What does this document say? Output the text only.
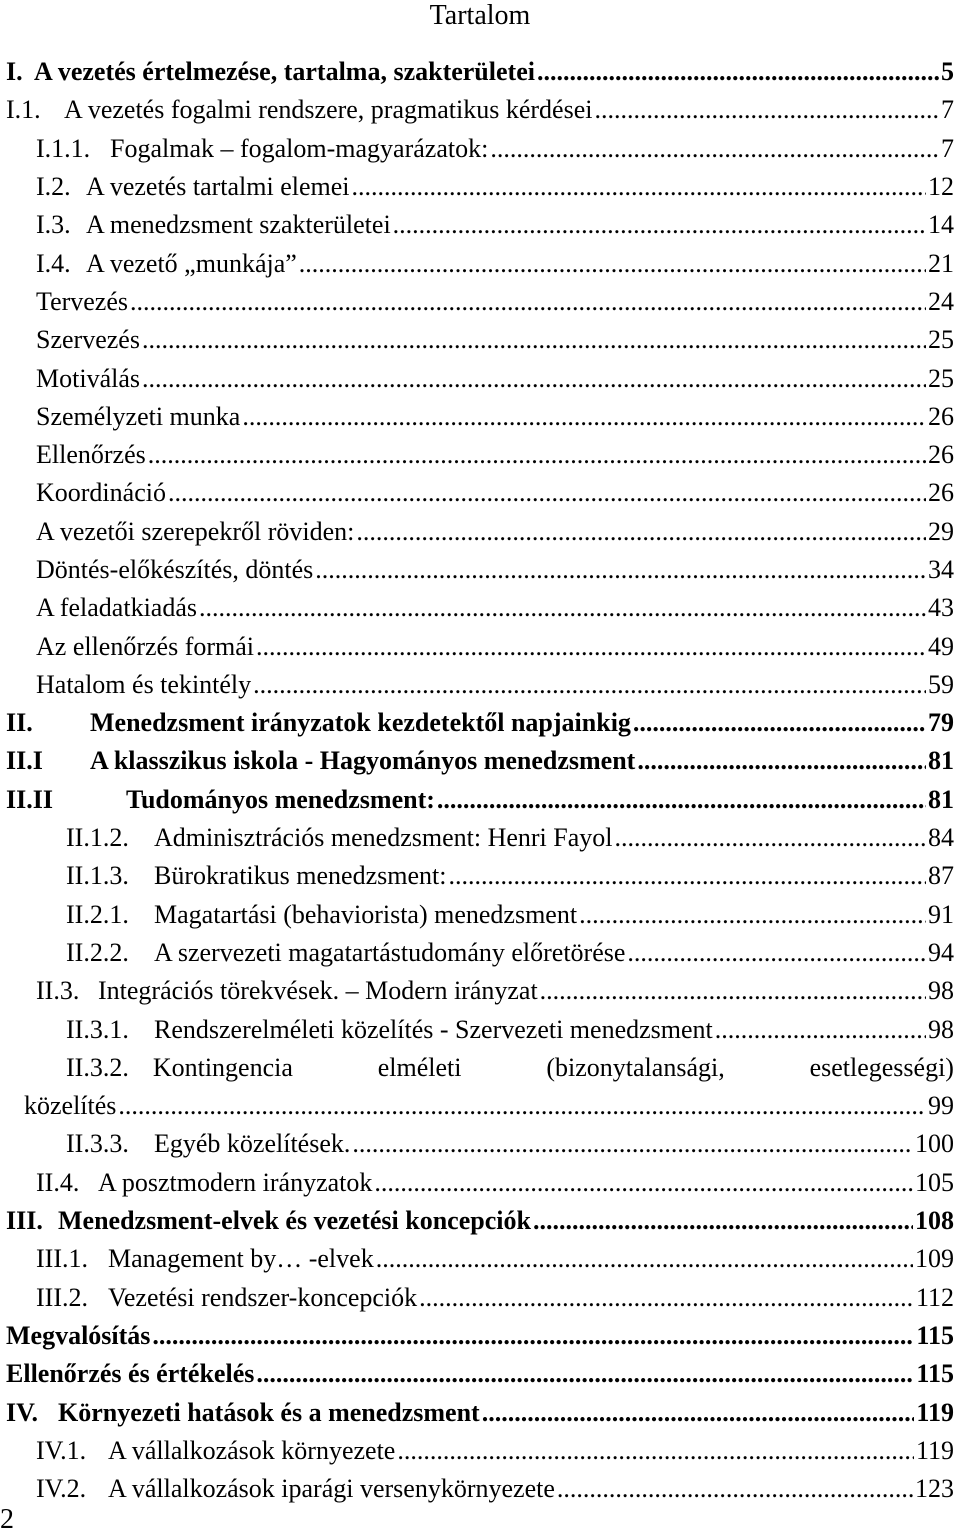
Tartalom
I. A vezetés értelmezése, tartalma, szakterületei .....	5
I.1. A vezetés fogalmi rendszere, pragmatikus kérdései .....	7
I.1.1. Fogalmak – fogalom-magyarázatok: .....	7
I.2. A vezetés tartalmi elemei .....	12
I.3. A menedzsment szakterületei .....	14
I.4. A vezető „munkája” .....	21
Tervezés .....	24
Szervezés .....	25
Motiválás .....	25
Személyzeti munka .....	26
Ellenőrzés .....	26
Koordináció .....	26
A vezetői szerepekről röviden: .....	29
Döntés-előkészítés, döntés .....	34
A feladatkiadás .....	43
Az ellenőrzés formái .....	49
Hatalom és tekintély .....	59
II. Menedzsment irányzatok kezdetektől napjainkig .....	79
II.I A klasszikus iskola - Hagyományos menedzsment .....	81
II.II	Tudományos menedzsment: .....	81
II.1.2. Adminisztrációs menedzsment: Henri Fayol .....	84
II.1.3. Bürokratikus menedzsment: .....	87
II.2.1. Magatartási (behaviorista) menedzsment .....	91
II.2.2. A szervezeti magatartástudomány előretörése .....	94
II.3. Integrációs törekvések. – Modern irányzat .....	98
II.3.1. Rendszerelméleti közelítés - Szervezeti menedzsment .....	98
II.3.2. Kontingencia	elméleti	(bizonytalansági,	esetlegességi)
közelítés .....	99
II.3.3. Egyéb közelítések. .....	100
II.4. A posztmodern irányzatok .....	105
III. Menedzsment-elvek és vezetési koncepciók .....	108
III.1. Management by… -elvek .....	109
III.2. Vezetési rendszer-koncepciók .....	112
Megvalósítás .....	115
Ellenőrzés és értékelés .....	115
IV. Környezeti hatások és a menedzsment .....	119
IV.1. A vállalkozások környezete .....	119
IV.2. A vállalkozások iparági versenykörnyezete .....	123

2
